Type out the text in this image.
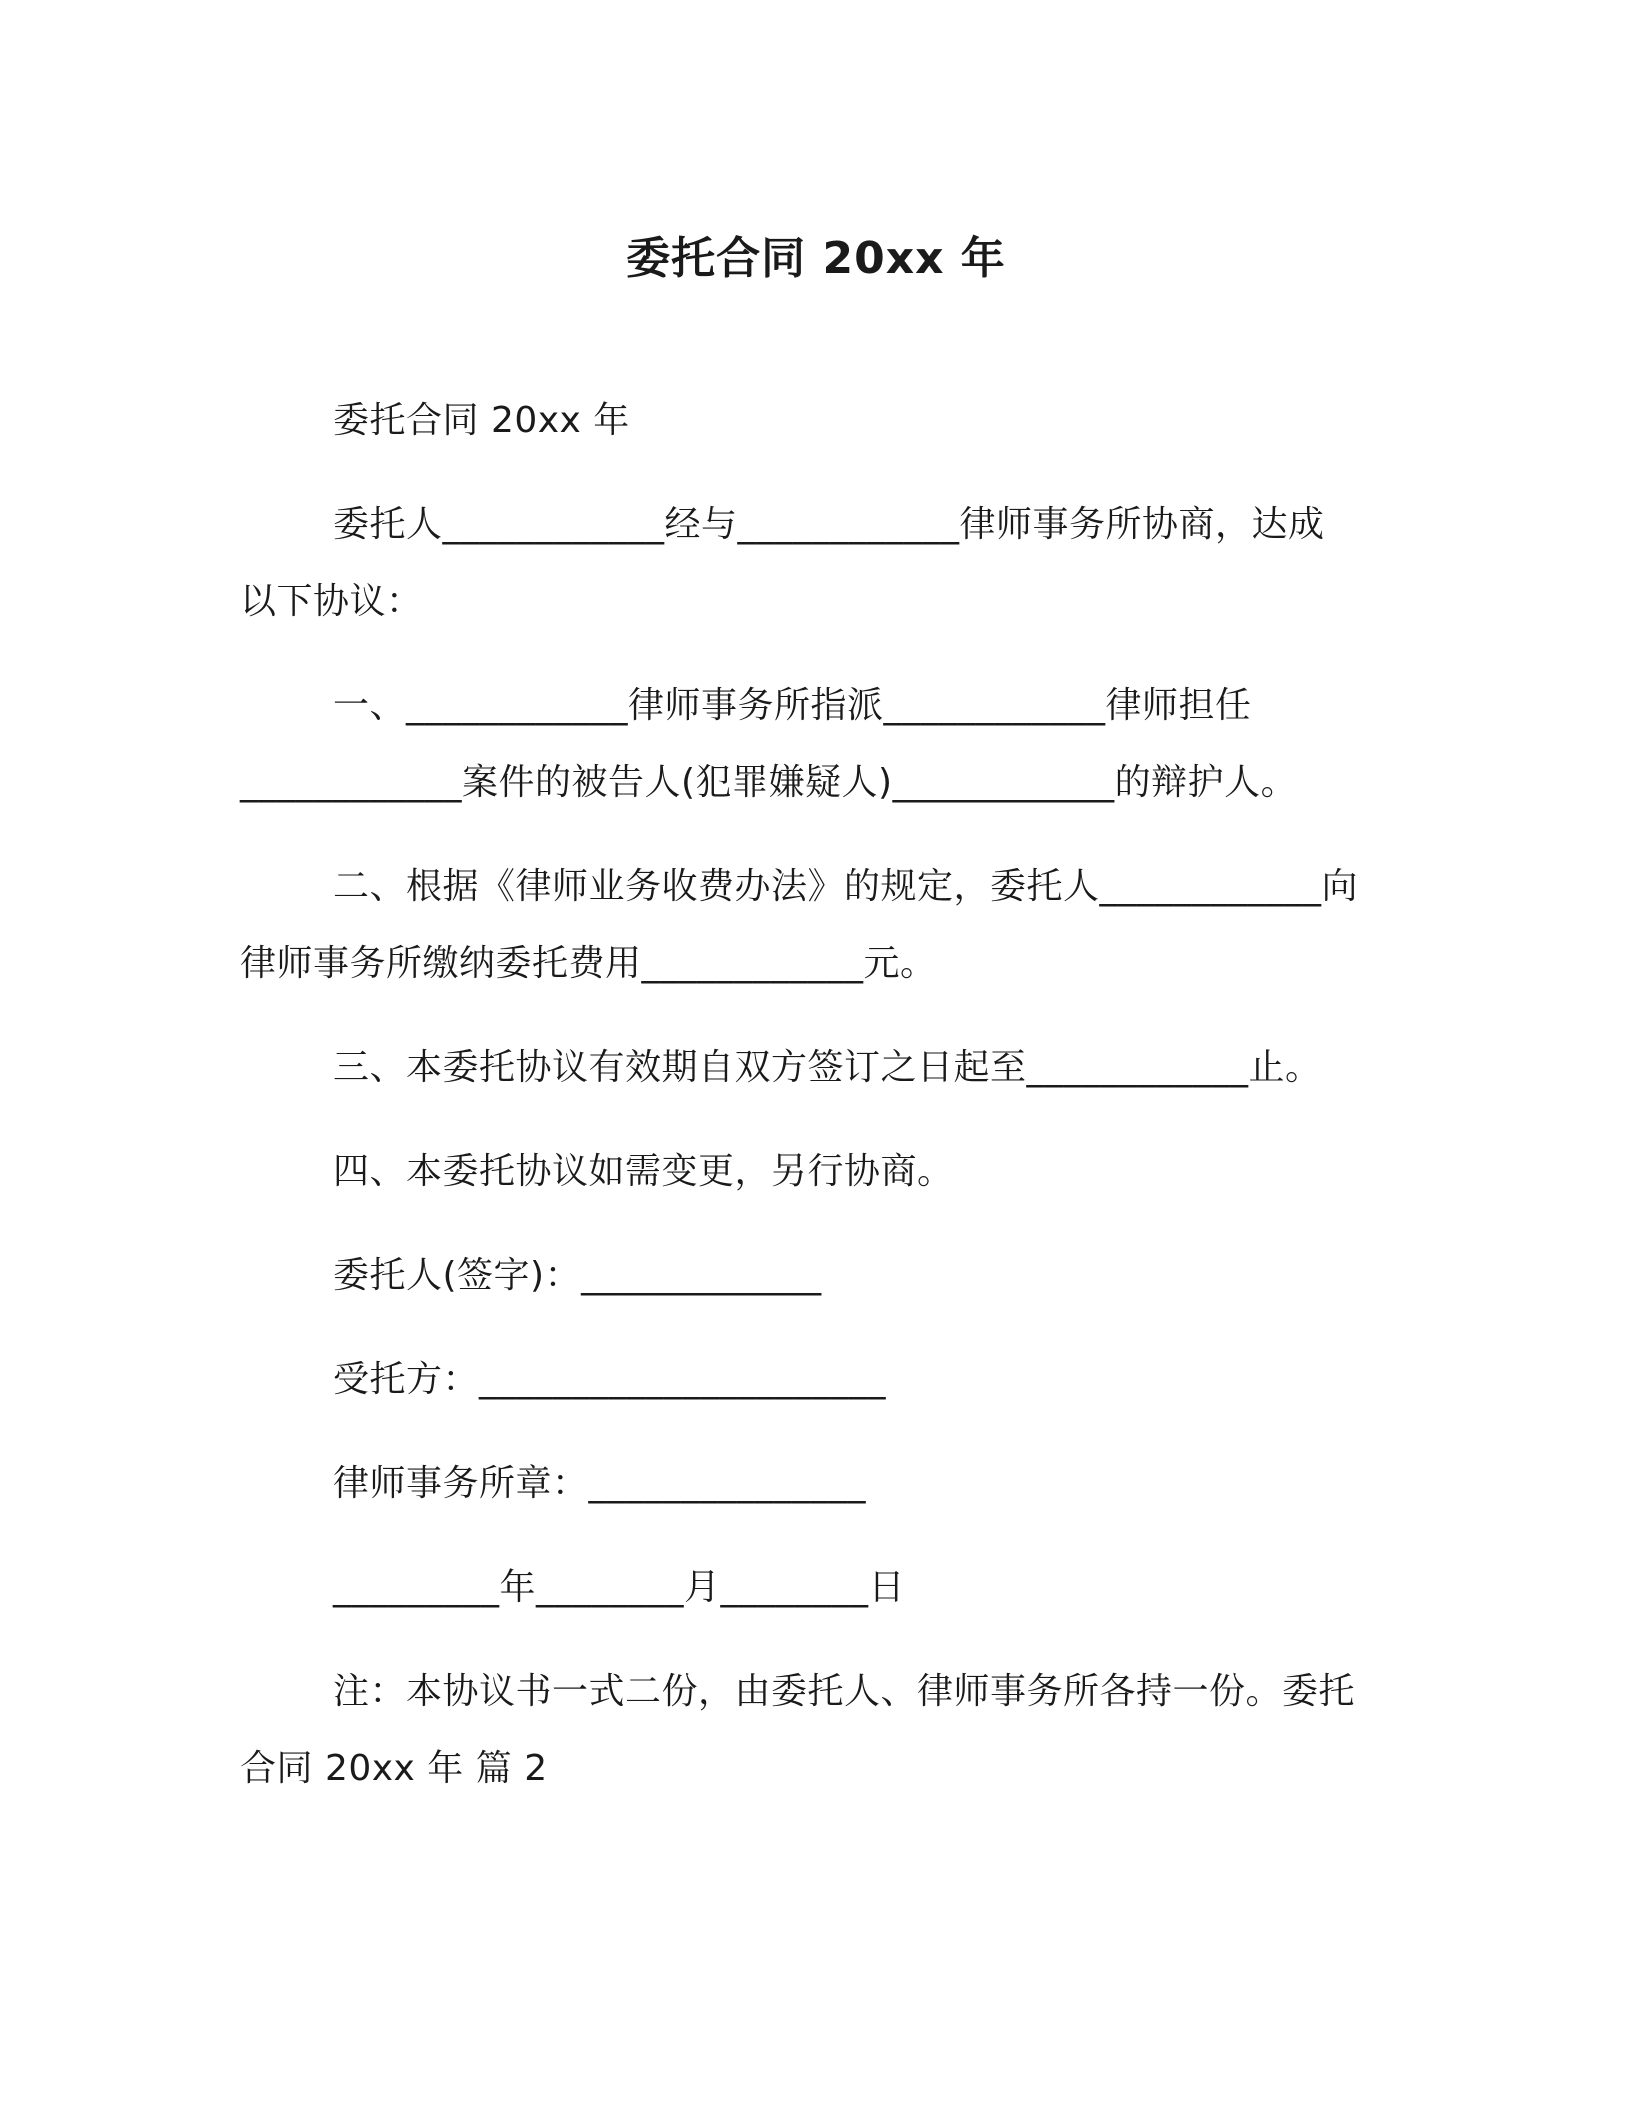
委托合同 20xx 年
委托合同 20xx 年
委托人____________经与____________律师事务所协商，达成
以下协议：
一、____________律师事务所指派____________律师担任
____________案件的被告人(犯罪嫌疑人)____________的辩护人。
二、根据《律师业务收费办法》的规定，委托人____________向
律师事务所缴纳委托费用____________元。
三、本委托协议有效期自双方签订之日起至____________止。
四、本委托协议如需变更，另行协商。
委托人(签字)：_____________
受托方：______________________
律师事务所章：_______________
_________年________月________日
注：本协议书一式二份，由委托人、律师事务所各持一份。委托
合同 20xx 年 篇 2
